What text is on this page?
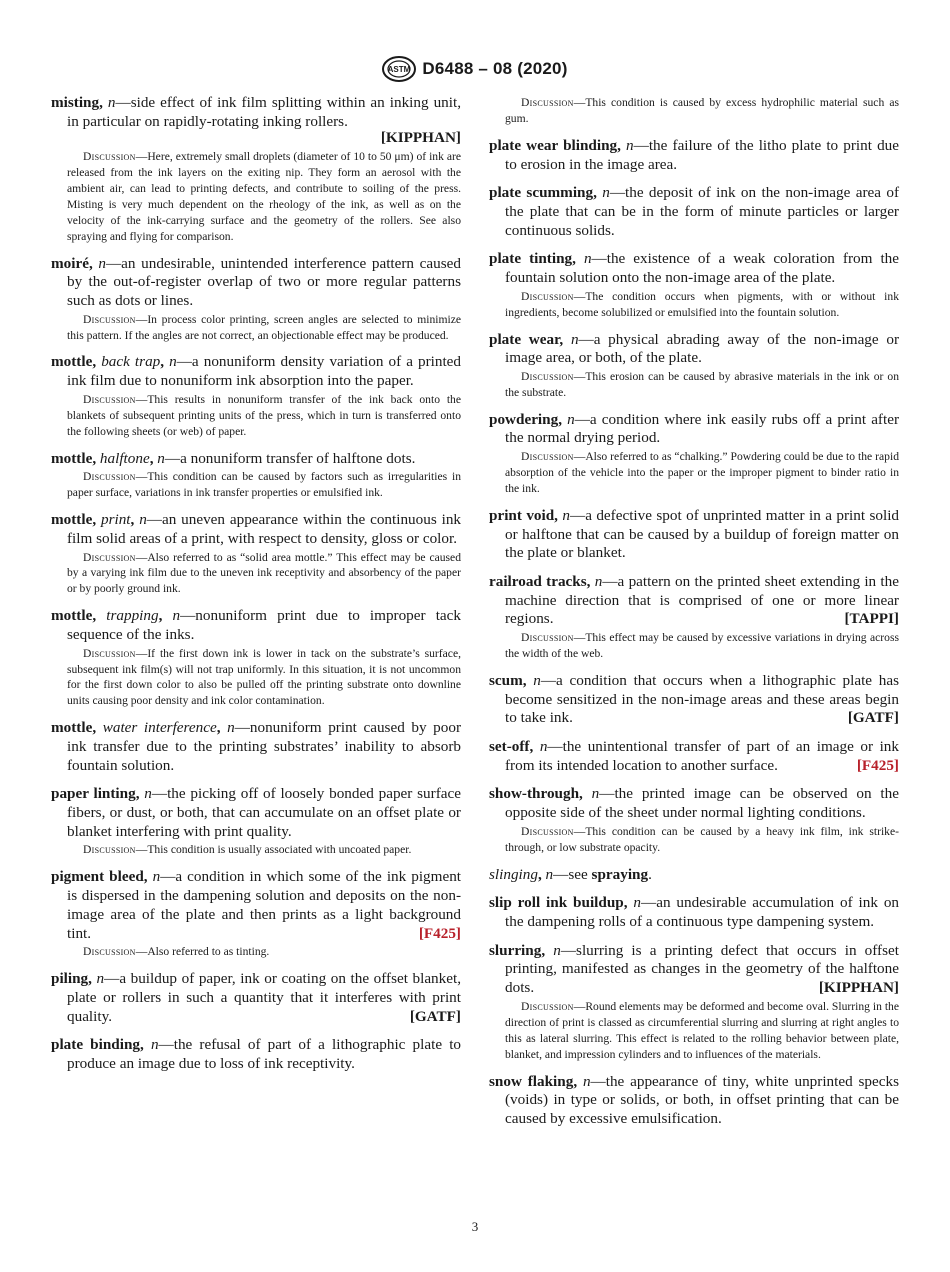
ASTM D6488 – 08 (2020)
misting, n—side effect of ink film splitting within an inking unit, in particular on rapidly-rotating inking rollers.
[KIPPHAN]
Discussion—Here, extremely small droplets (diameter of 10 to 50 μm) of ink are released from the ink layers on the exiting nip. They form an aerosol with the ambient air, can lead to printing defects, and contribute to soiling of the press. Misting is very much dependent on the rheology of the ink, as well as on the velocity of the ink-carrying surface and the geometry of the rollers. See also spraying and flying for comparison.
moiré, n—an undesirable, unintended interference pattern caused by the out-of-register overlap of two or more regular patterns such as dots or lines.
Discussion—In process color printing, screen angles are selected to minimize this pattern. If the angles are not correct, an objectionable effect may be produced.
mottle, back trap, n—a nonuniform density variation of a printed ink film due to nonuniform ink absorption into the paper.
Discussion—This results in nonuniform transfer of the ink back onto the blankets of subsequent printing units of the press, which in turn is transferred onto the following sheets (or web) of paper.
mottle, halftone, n—a nonuniform transfer of halftone dots.
Discussion—This condition can be caused by factors such as irregularities in paper surface, variations in ink transfer properties or emulsified ink.
mottle, print, n—an uneven appearance within the continuous ink film solid areas of a print, with respect to density, gloss or color.
Discussion—Also referred to as “solid area mottle.” This effect may be caused by a varying ink film due to the uneven ink receptivity and absorbency of the paper or by poorly ground ink.
mottle, trapping, n—nonuniform print due to improper tack sequence of the inks.
Discussion—If the first down ink is lower in tack on the substrate’s surface, subsequent ink film(s) will not trap uniformly. In this situation, it is not uncommon for the first down color to also be pulled off the printing substrate onto downline units causing poor density and ink color contamination.
mottle, water interference, n—nonuniform print caused by poor ink transfer due to the printing substrates’ inability to absorb fountain solution.
paper linting, n—the picking off of loosely bonded paper surface fibers, or dust, or both, that can accumulate on an offset plate or blanket interfering with print quality.
Discussion—This condition is usually associated with uncoated paper.
pigment bleed, n—a condition in which some of the ink pigment is dispersed in the dampening solution and deposits on the non-image area of the plate and then prints as a light background tint.	[F425]
Discussion—Also referred to as tinting.
piling, n—a buildup of paper, ink or coating on the offset blanket, plate or rollers in such a quantity that it interferes with print quality.	[GATF]
plate binding, n—the refusal of part of a lithographic plate to produce an image due to loss of ink receptivity.
Discussion—This condition is caused by excess hydrophilic material such as gum.
plate wear blinding, n—the failure of the litho plate to print due to erosion in the image area.
plate scumming, n—the deposit of ink on the non-image area of the plate that can be in the form of minute particles or larger continuous solids.
plate tinting, n—the existence of a weak coloration from the fountain solution onto the non-image area of the plate.
Discussion—The condition occurs when pigments, with or without ink ingredients, become solubilized or emulsified into the fountain solution.
plate wear, n—a physical abrading away of the non-image or image area, or both, of the plate.
Discussion—This erosion can be caused by abrasive materials in the ink or on the substrate.
powdering, n—a condition where ink easily rubs off a print after the normal drying period.
Discussion—Also referred to as “chalking.” Powdering could be due to the rapid absorption of the vehicle into the paper or the improper pigment to binder ratio in the ink.
print void, n—a defective spot of unprinted matter in a print solid or halftone that can be caused by a buildup of foreign matter on the plate or blanket.
railroad tracks, n—a pattern on the printed sheet extending in the machine direction that is comprised of one or more linear regions.	[TAPPI]
Discussion—This effect may be caused by excessive variations in drying across the width of the web.
scum, n—a condition that occurs when a lithographic plate has become sensitized in the non-image areas and these areas begin to take ink.	[GATF]
set-off, n—the unintentional transfer of part of an image or ink from its intended location to another surface.	[F425]
show-through, n—the printed image can be observed on the opposite side of the sheet under normal lighting conditions.
Discussion—This condition can be caused by a heavy ink film, ink strike-through, or low substrate opacity.
slinging, n—see spraying.
slip roll ink buildup, n—an undesirable accumulation of ink on the dampening rolls of a continuous type dampening system.
slurring, n—slurring is a printing defect that occurs in offset printing, manifested as changes in the geometry of the halftone dots.	[KIPPHAN]
Discussion—Round elements may be deformed and become oval. Slurring in the direction of print is classed as circumferential slurring and slurring at right angles to this as lateral slurring. This effect is related to the rolling behavior between plate, blanket, and impression cylinders and to influences of the materials.
snow flaking, n—the appearance of tiny, white unprinted specks (voids) in type or solids, or both, in offset printing that can be caused by excessive emulsification.
3
